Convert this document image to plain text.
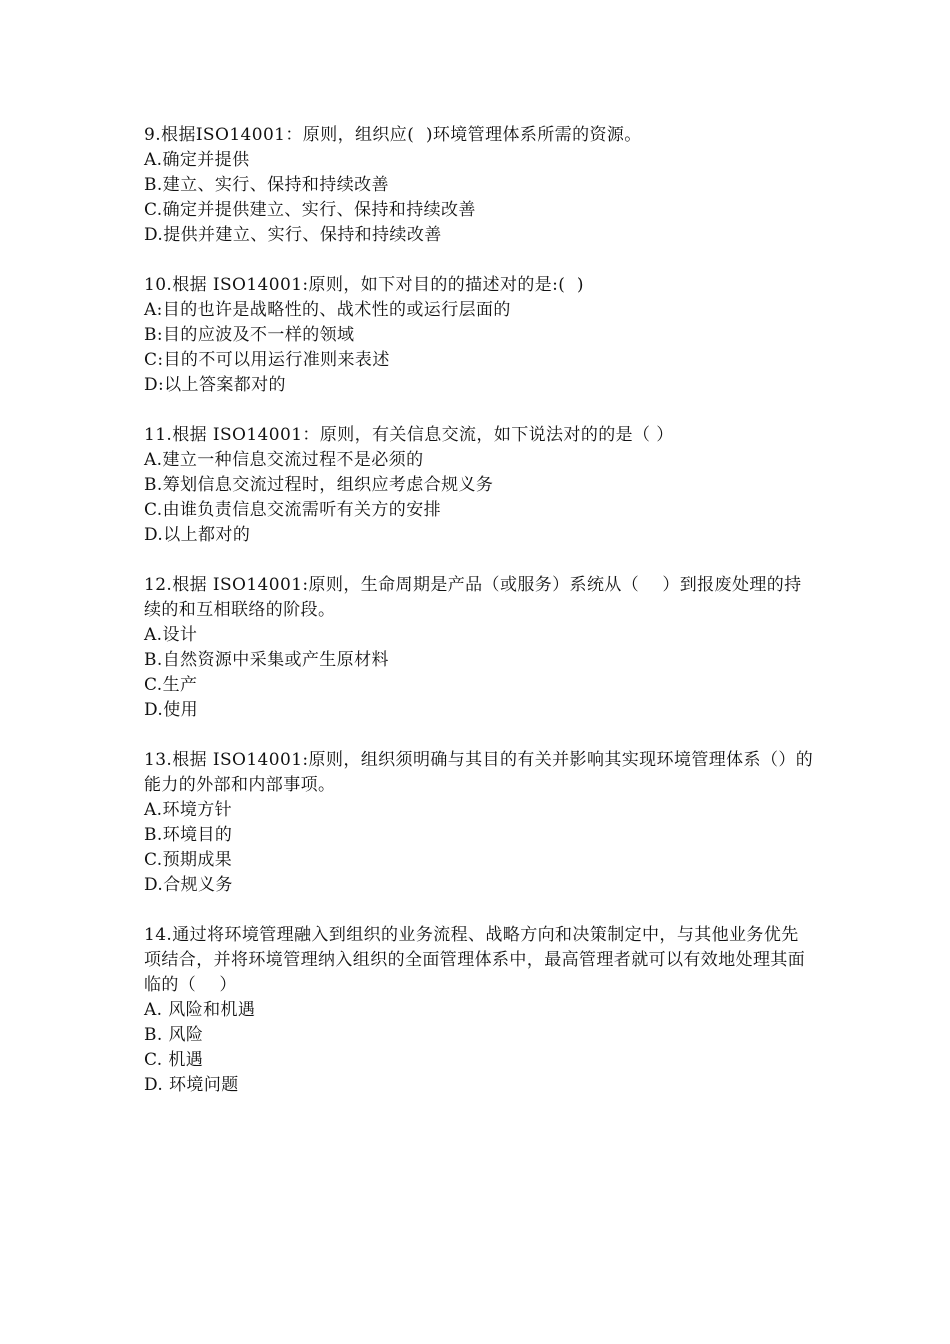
9.根据ISO14001：原则，组织应(  )环境管理体系所需的资源。

A.确定并提供

B.建立、实行、保持和持续改善

C.确定并提供建立、实行、保持和持续改善

D.提供并建立、实行、保持和持续改善

10.根据 ISO14001:原则，如下对目的的描述对的是:(  )

A:目的也许是战略性的、战术性的或运行层面的

B:目的应波及不一样的领域

C:目的不可以用运行准则来表述

D:以上答案都对的

11.根据 ISO14001：原则，有关信息交流，如下说法对的的是（ ）

A.建立一种信息交流过程不是必须的

B.筹划信息交流过程时，组织应考虑合规义务

C.由谁负责信息交流需听有关方的安排

D.以上都对的

12.根据 ISO14001:原则，生命周期是产品（或服务）系统从（    ）到报废处理的持续的和互相联络的阶段。

A.设计

B.自然资源中采集或产生原材料

C.生产

D.使用

13.根据 ISO14001:原则，组织须明确与其目的有关并影响其实现环境管理体系（）的能力的外部和内部事项。

A.环境方针

B.环境目的

C.预期成果

D.合规义务

14.通过将环境管理融入到组织的业务流程、战略方向和决策制定中，与其他业务优先项结合，并将环境管理纳入组织的全面管理体系中，最高管理者就可以有效地处理其面临的（    ）

A. 风险和机遇

B. 风险

C. 机遇

D. 环境问题
